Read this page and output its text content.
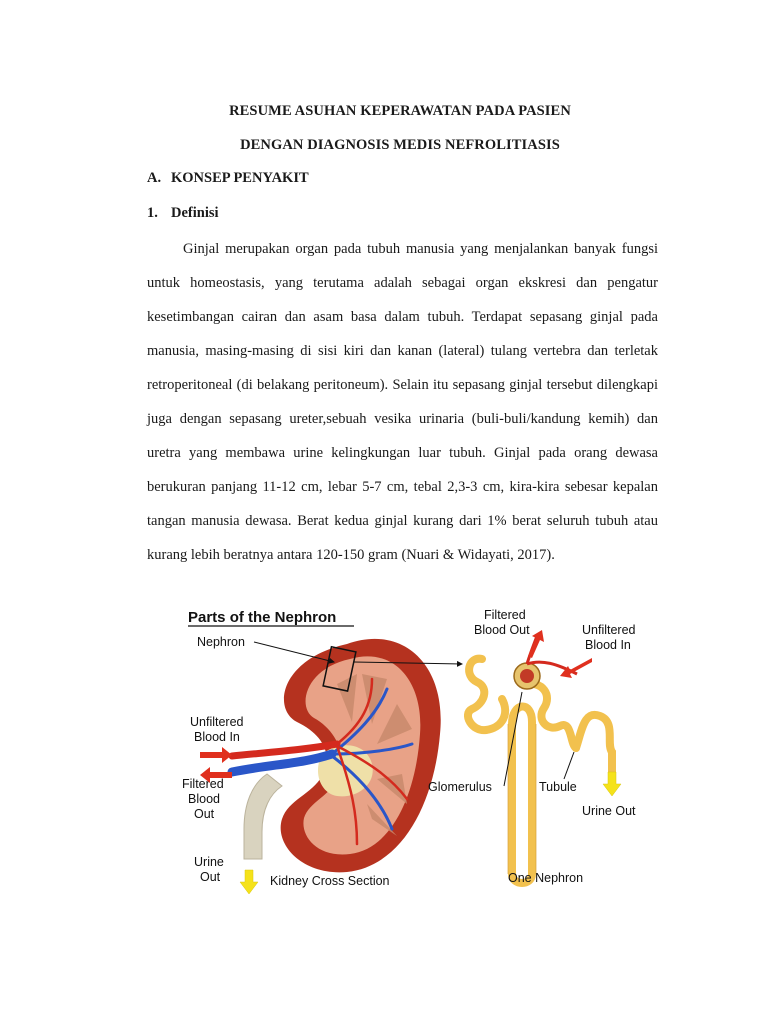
RESUME ASUHAN KEPERAWATAN PADA PASIEN
DENGAN DIAGNOSIS MEDIS NEFROLITIASIS
A. KONSEP PENYAKIT
1. Definisi
Ginjal merupakan organ pada tubuh manusia yang menjalankan banyak fungsi untuk homeostasis, yang terutama adalah sebagai organ ekskresi dan pengatur kesetimbangan cairan dan asam basa dalam tubuh. Terdapat sepasang ginjal pada manusia, masing-masing di sisi kiri dan kanan (lateral) tulang vertebra dan terletak retroperitoneal (di belakang peritoneum). Selain itu sepasang ginjal tersebut dilengkapi juga dengan sepasang ureter,sebuah vesika urinaria (buli-buli/kandung kemih) dan uretra yang membawa urine kelingkungan luar tubuh. Ginjal pada orang dewasa berukuran panjang 11-12 cm, lebar 5-7 cm, tebal 2,3-3 cm, kira-kira sebesar kepalan tangan manusia dewasa. Berat kedua ginjal kurang dari 1% berat seluruh tubuh atau kurang lebih beratnya antara 120-150 gram (Nuari & Widayati, 2017).
Parts of the Nephron
Nephron
Unfiltered
Blood In
Filtered
Blood
Out
Urine
Out	Kidney Cross Section
Filtered
Blood Out	Unfiltered
Blood In
Glomerulus	Tubule
Urine Out
One Nephron
